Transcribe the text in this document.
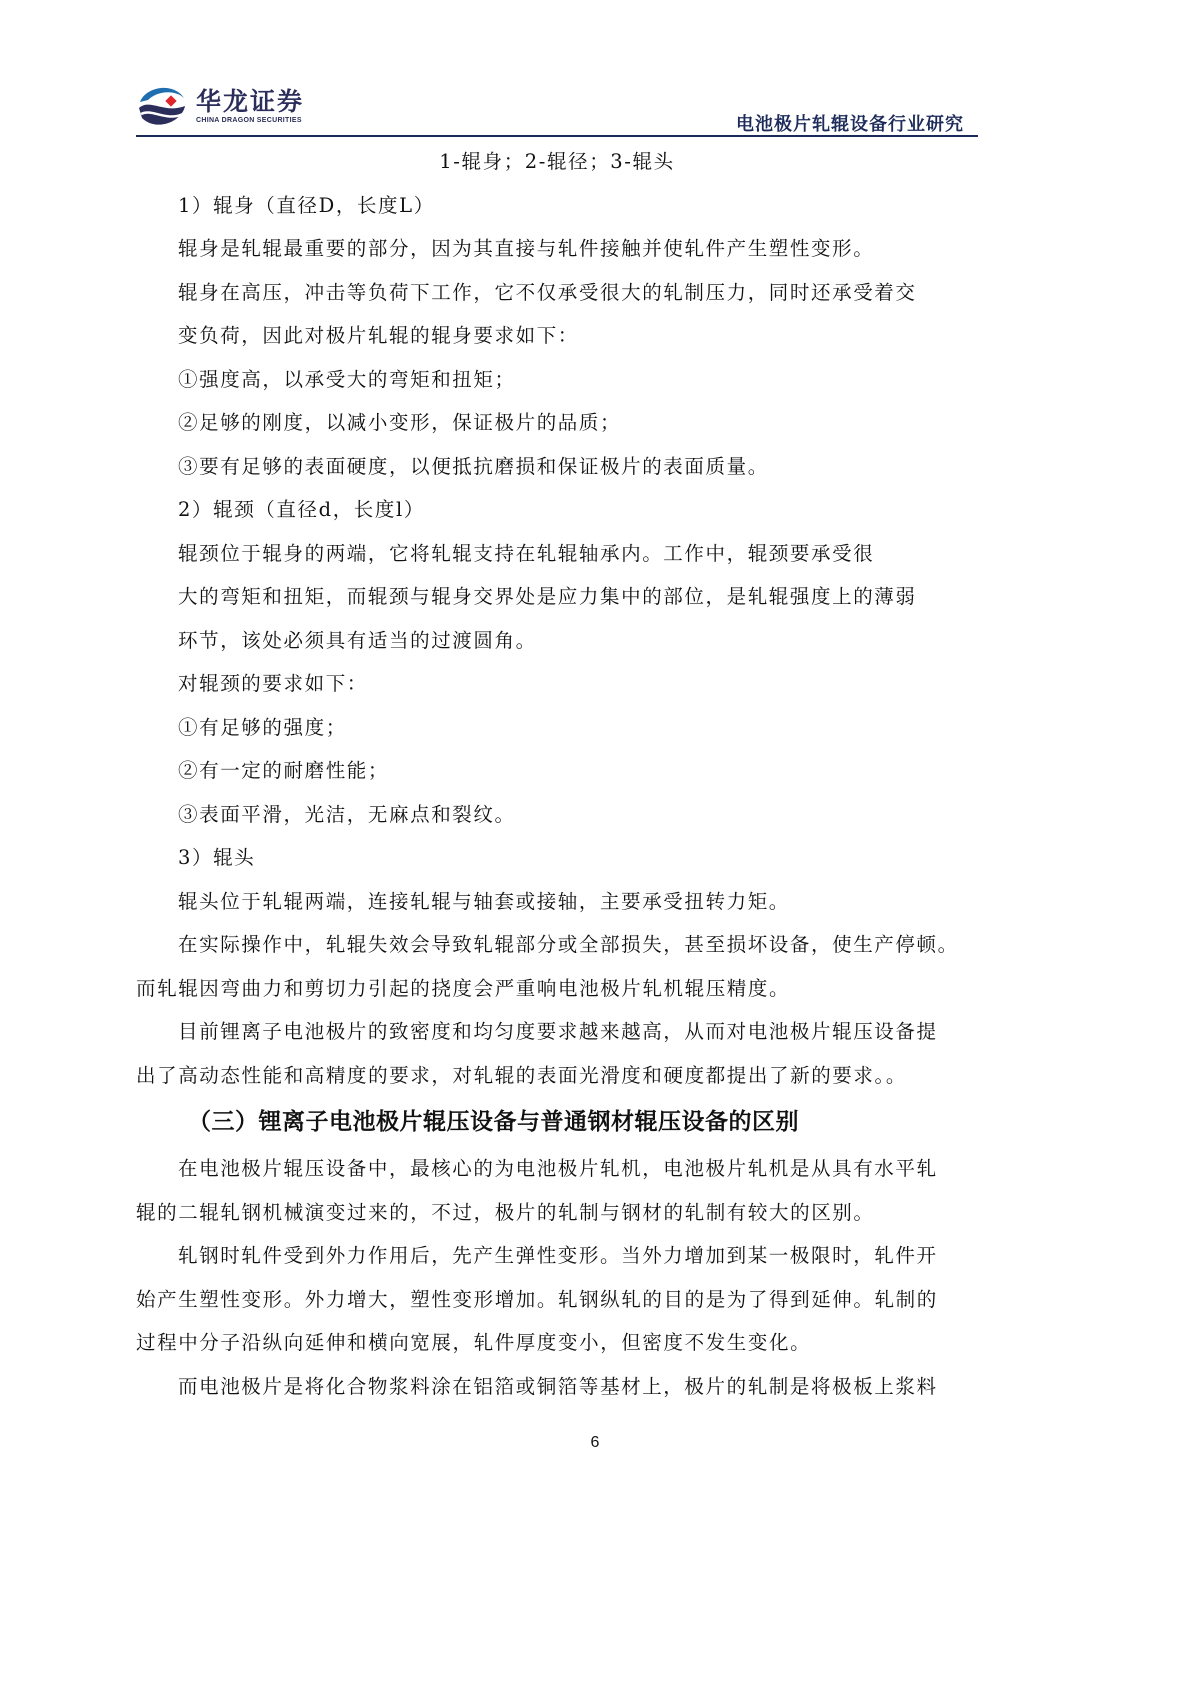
华龙证券
CHINA DRAGON SECURITIES	电池极片轧辊设备行业研究
1-辊身；2-辊径；3-辊头
1）辊身（直径D，长度L）
辊身是轧辊最重要的部分，因为其直接与轧件接触并使轧件产生塑性变形。
辊身在高压，冲击等负荷下工作，它不仅承受很大的轧制压力，同时还承受着交
变负荷，因此对极片轧辊的辊身要求如下：
①强度高，以承受大的弯矩和扭矩；
②足够的刚度，以减小变形，保证极片的品质；
③要有足够的表面硬度，以便抵抗磨损和保证极片的表面质量。
2）辊颈（直径d，长度l）
辊颈位于辊身的两端，它将轧辊支持在轧辊轴承内。工作中，辊颈要承受很
大的弯矩和扭矩，而辊颈与辊身交界处是应力集中的部位，是轧辊强度上的薄弱
环节，该处必须具有适当的过渡圆角。
对辊颈的要求如下：
①有足够的强度；
②有一定的耐磨性能；
③表面平滑，光洁，无麻点和裂纹。
3）辊头
辊头位于轧辊两端，连接轧辊与轴套或接轴，主要承受扭转力矩。
在实际操作中，轧辊失效会导致轧辊部分或全部损失，甚至损坏设备，使生产停顿。
而轧辊因弯曲力和剪切力引起的挠度会严重响电池极片轧机辊压精度。
目前锂离子电池极片的致密度和均匀度要求越来越高，从而对电池极片辊压设备提
出了高动态性能和高精度的要求，对轧辊的表面光滑度和硬度都提出了新的要求。。
（三）锂离子电池极片辊压设备与普通钢材辊压设备的区别
在电池极片辊压设备中，最核心的为电池极片轧机，电池极片轧机是从具有水平轧
辊的二辊轧钢机械演变过来的，不过，极片的轧制与钢材的轧制有较大的区别。
轧钢时轧件受到外力作用后，先产生弹性变形。当外力增加到某一极限时，轧件开
始产生塑性变形。外力增大，塑性变形增加。轧钢纵轧的目的是为了得到延伸。轧制的
过程中分子沿纵向延伸和横向宽展，轧件厚度变小，但密度不发生变化。
而电池极片是将化合物浆料涂在铝箔或铜箔等基材上，极片的轧制是将极板上浆料
6
